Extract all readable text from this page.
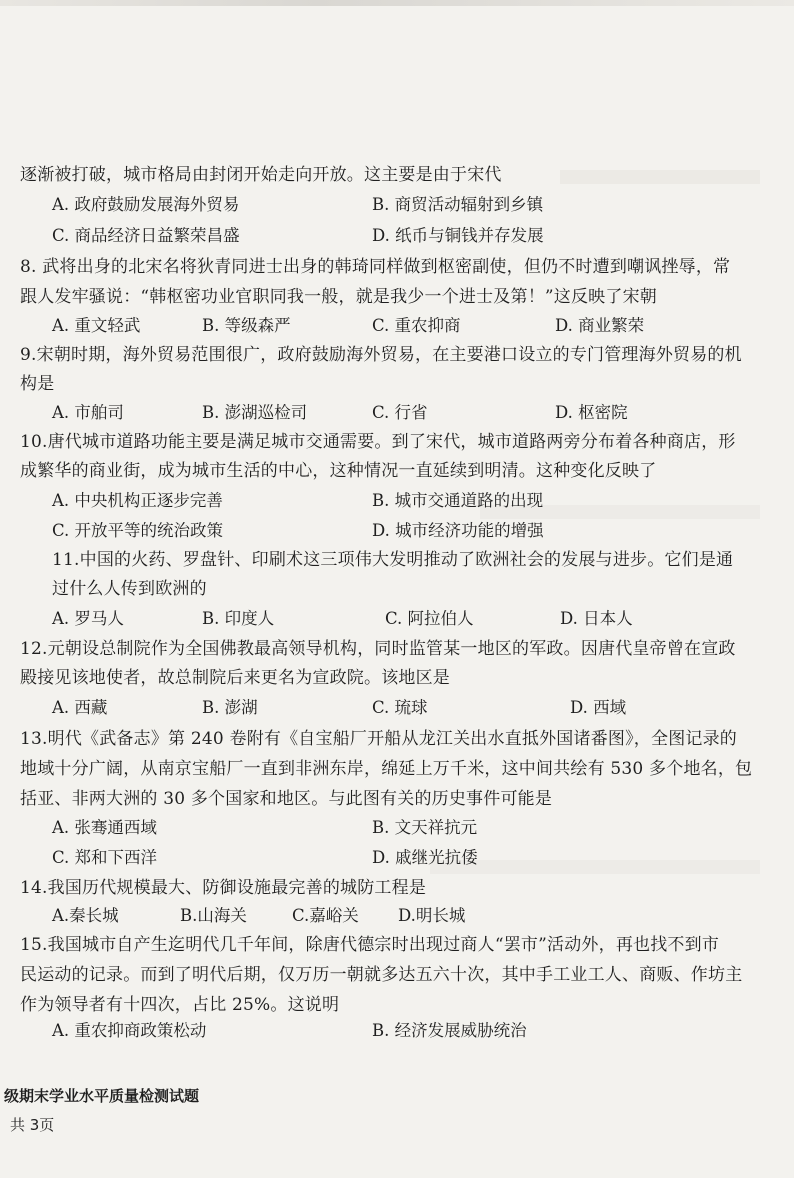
逐渐被打破，城市格局由封闭开始走向开放。这主要是由于宋代
8. 武将出身的北宋名将狄青同进士出身的韩琦同样做到枢密副使，但仍不时遭到嘲讽挫辱，常
跟人发牢骚说：“韩枢密功业官职同我一般，就是我少一个进士及第！”这反映了宋朝
9.宋朝时期，海外贸易范围很广，政府鼓励海外贸易，在主要港口设立的专门管理海外贸易的机
构是
10.唐代城市道路功能主要是满足城市交通需要。到了宋代，城市道路两旁分布着各种商店，形
成繁华的商业街，成为城市生活的中心，这种情况一直延续到明清。这种变化反映了
11.中国的火药、罗盘针、印刷术这三项伟大发明推动了欧洲社会的发展与进步。它们是通
过什么人传到欧洲的
12.元朝设总制院作为全国佛教最高领导机构，同时监管某一地区的军政。因唐代皇帝曾在宣政
殿接见该地使者，故总制院后来更名为宣政院。该地区是
13.明代《武备志》第 240 卷附有《自宝船厂开船从龙江关出水直抵外国诸番图》，全图记录的
地域十分广阔，从南京宝船厂一直到非洲东岸，绵延上万千米，这中间共绘有 530 多个地名，包
括亚、非两大洲的 30 多个国家和地区。与此图有关的历史事件可能是
14.我国历代规模最大、防御设施最完善的城防工程是
15.我国城市自产生迄明代几千年间，除唐代德宗时出现过商人“罢市”活动外，再也找不到市
民运动的记录。而到了明代后期，仅万历一朝就多达五六十次，其中手工业工人、商贩、作坊主
作为领导者有十四次，占比 25%。这说明
A. 政府鼓励发展海外贸易	B. 商贸活动辐射到乡镇
C. 商品经济日益繁荣昌盛	D. 纸币与铜钱并存发展
A. 重文轻武	B. 等级森严	C. 重农抑商	D. 商业繁荣
A. 市舶司	B. 澎湖巡检司	C. 行省	D. 枢密院
A. 中央机构正逐步完善	B. 城市交通道路的出现
C. 开放平等的统治政策	D. 城市经济功能的增强
A. 罗马人	B. 印度人	C. 阿拉伯人	D. 日本人
A. 西藏	B. 澎湖	C. 琉球	D. 西域
A. 张骞通西域	B. 文天祥抗元
C. 郑和下西洋	D. 戚继光抗倭
A.秦长城	B.山海关	C.嘉峪关 D.明长城
A. 重农抑商政策松动	B. 经济发展威胁统治
级期末学业水平质量检测试题
共 3页
